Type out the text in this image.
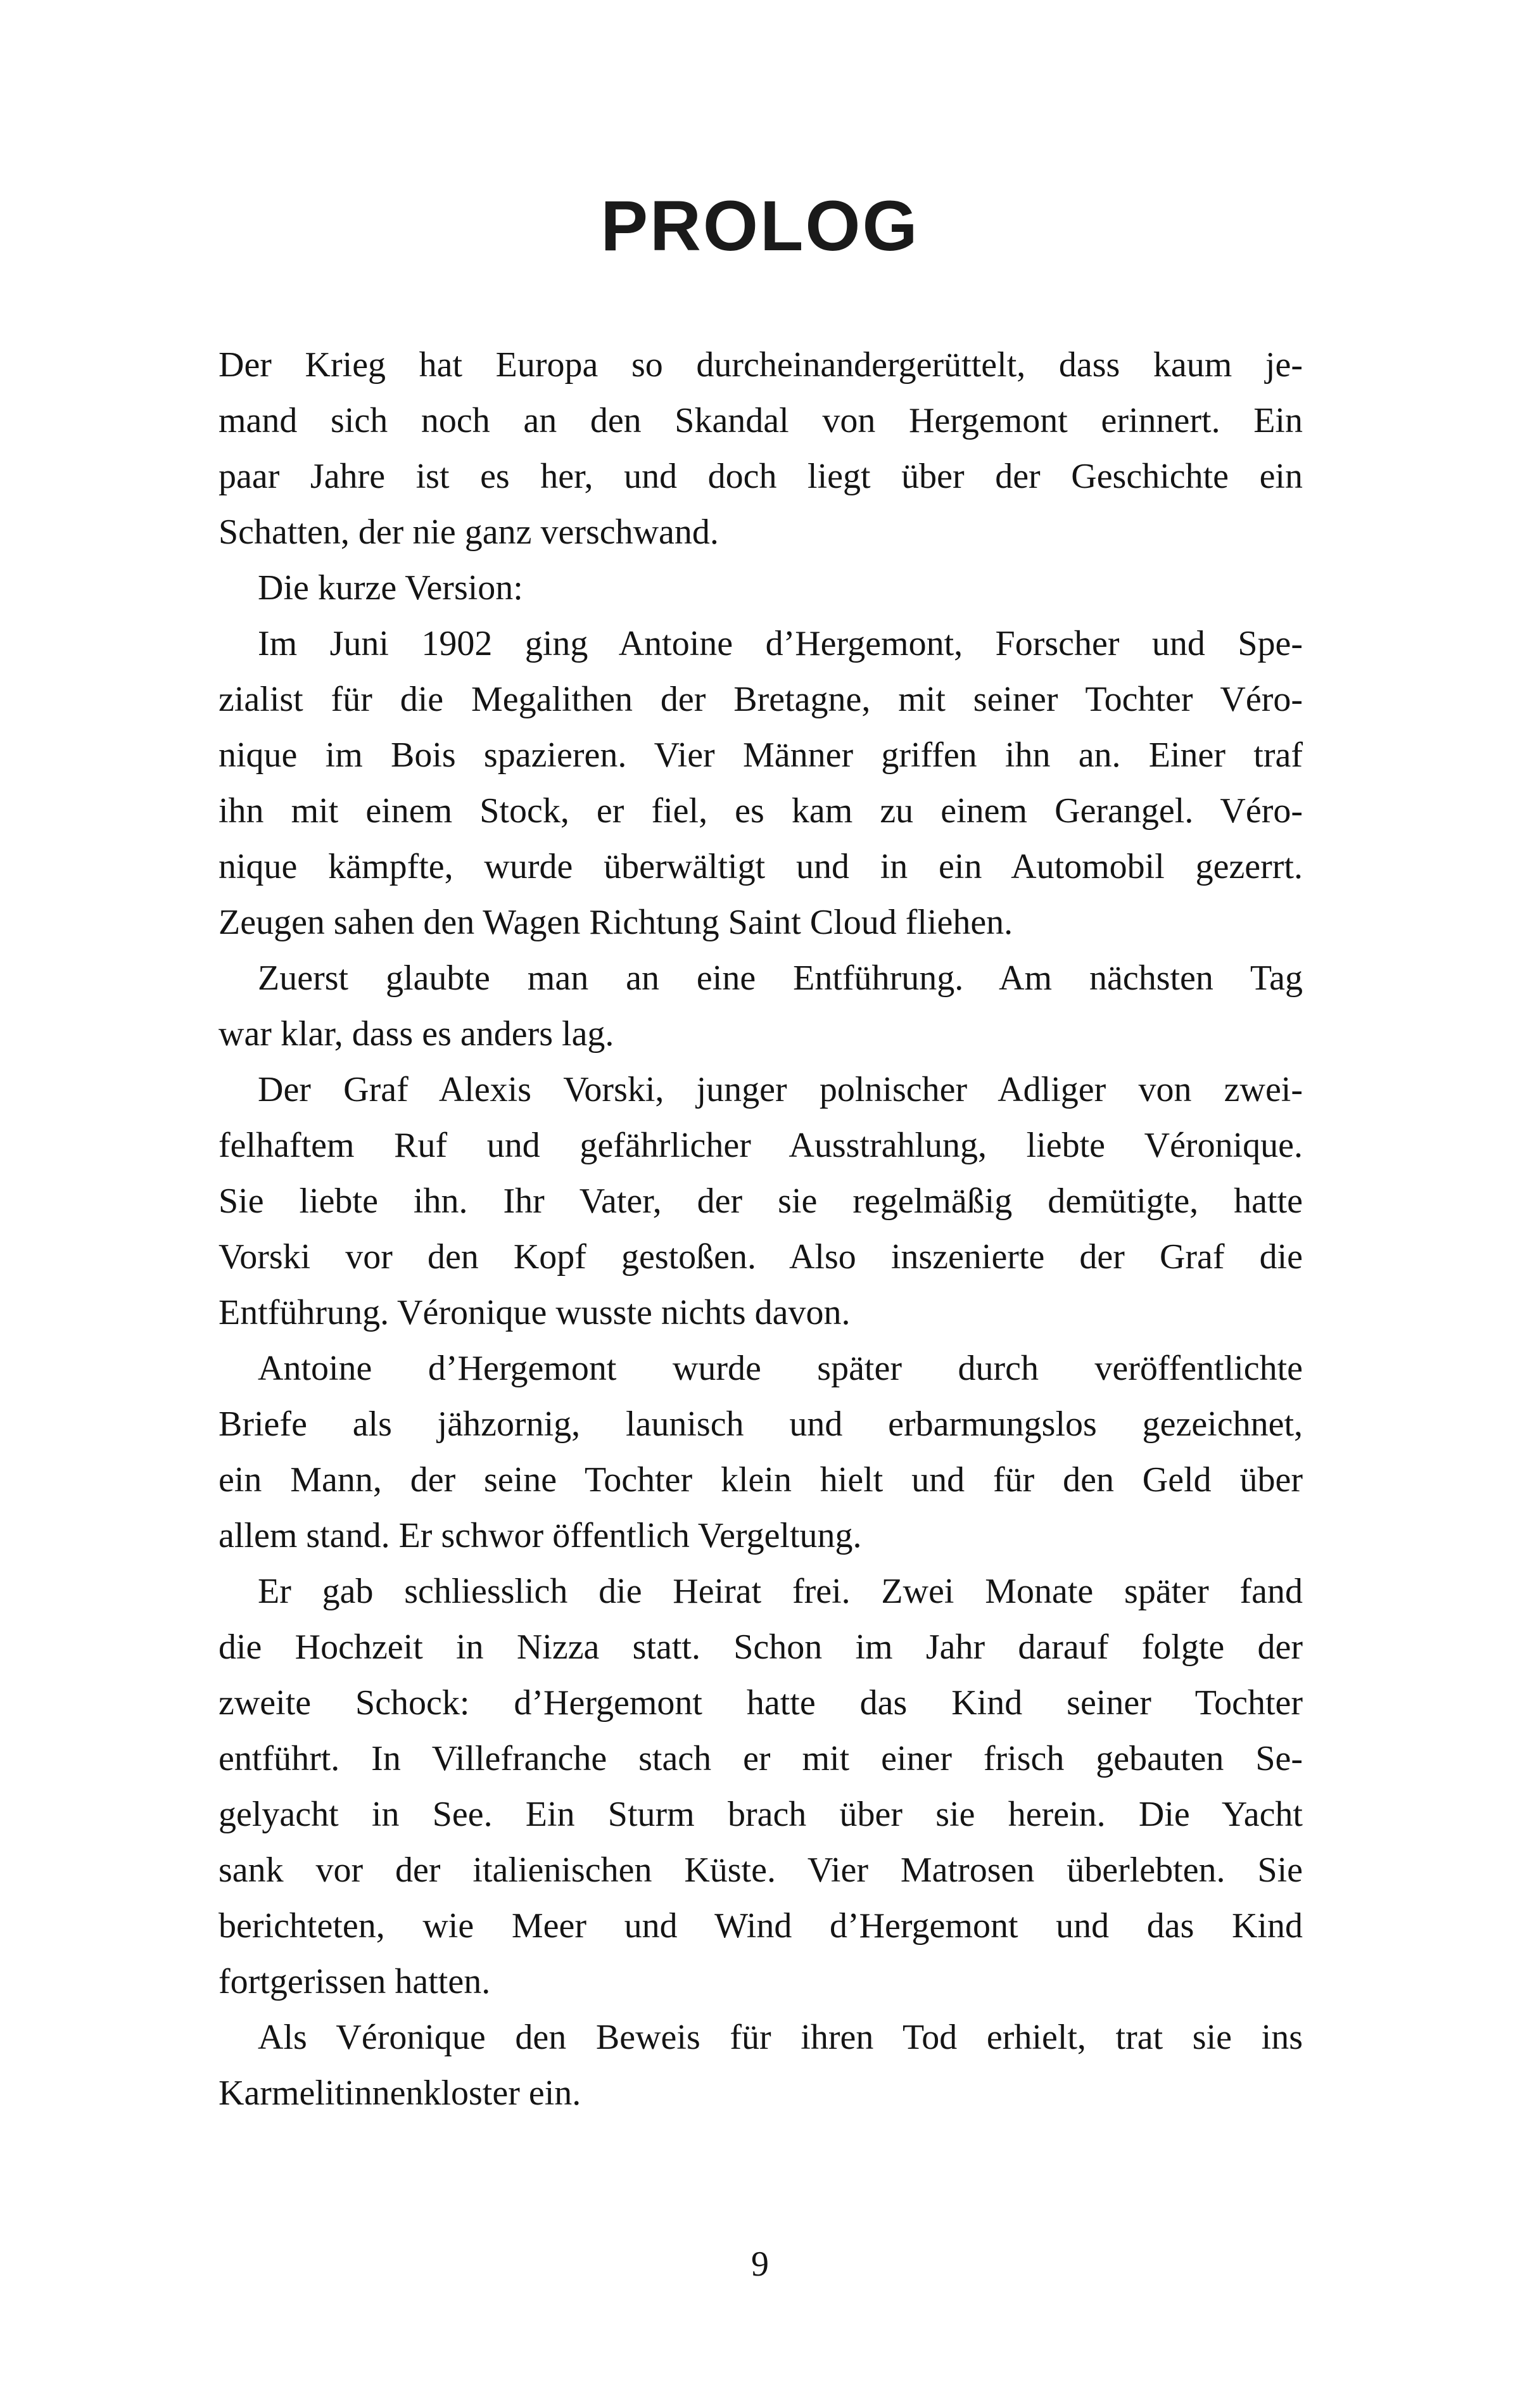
PROLOG
Der Krieg hat Europa so durcheinandergerüttelt, dass kaum je-
mand sich noch an den Skandal von Hergemont erinnert. Ein
paar Jahre ist es her, und doch liegt über der Geschichte ein
Schatten, der nie ganz verschwand.
Die kurze Version:
Im Juni 1902 ging Antoine d’Hergemont, Forscher und Spe-
zialist für die Megalithen der Bretagne, mit seiner Tochter Véro-
nique im Bois spazieren. Vier Männer griffen ihn an. Einer traf
ihn mit einem Stock, er fiel, es kam zu einem Gerangel. Véro-
nique kämpfte, wurde überwältigt und in ein Automobil gezerrt.
Zeugen sahen den Wagen Richtung Saint Cloud fliehen.
Zuerst glaubte man an eine Entführung. Am nächsten Tag
war klar, dass es anders lag.
Der Graf Alexis Vorski, junger polnischer Adliger von zwei-
felhaftem Ruf und gefährlicher Ausstrahlung, liebte Véronique.
Sie liebte ihn. Ihr Vater, der sie regelmäßig demütigte, hatte
Vorski vor den Kopf gestoßen. Also inszenierte der Graf die
Entführung. Véronique wusste nichts davon.
Antoine d’Hergemont wurde später durch veröffentlichte
Briefe als jähzornig, launisch und erbarmungslos gezeichnet,
ein Mann, der seine Tochter klein hielt und für den Geld über
allem stand. Er schwor öffentlich Vergeltung.
Er gab schliesslich die Heirat frei. Zwei Monate später fand
die Hochzeit in Nizza statt. Schon im Jahr darauf folgte der
zweite Schock: d’Hergemont hatte das Kind seiner Tochter
entführt. In Villefranche stach er mit einer frisch gebauten Se-
gelyacht in See. Ein Sturm brach über sie herein. Die Yacht
sank vor der italienischen Küste. Vier Matrosen überlebten. Sie
berichteten, wie Meer und Wind d’Hergemont und das Kind
fortgerissen hatten.
Als Véronique den Beweis für ihren Tod erhielt, trat sie ins
Karmelitinnenkloster ein.
9
